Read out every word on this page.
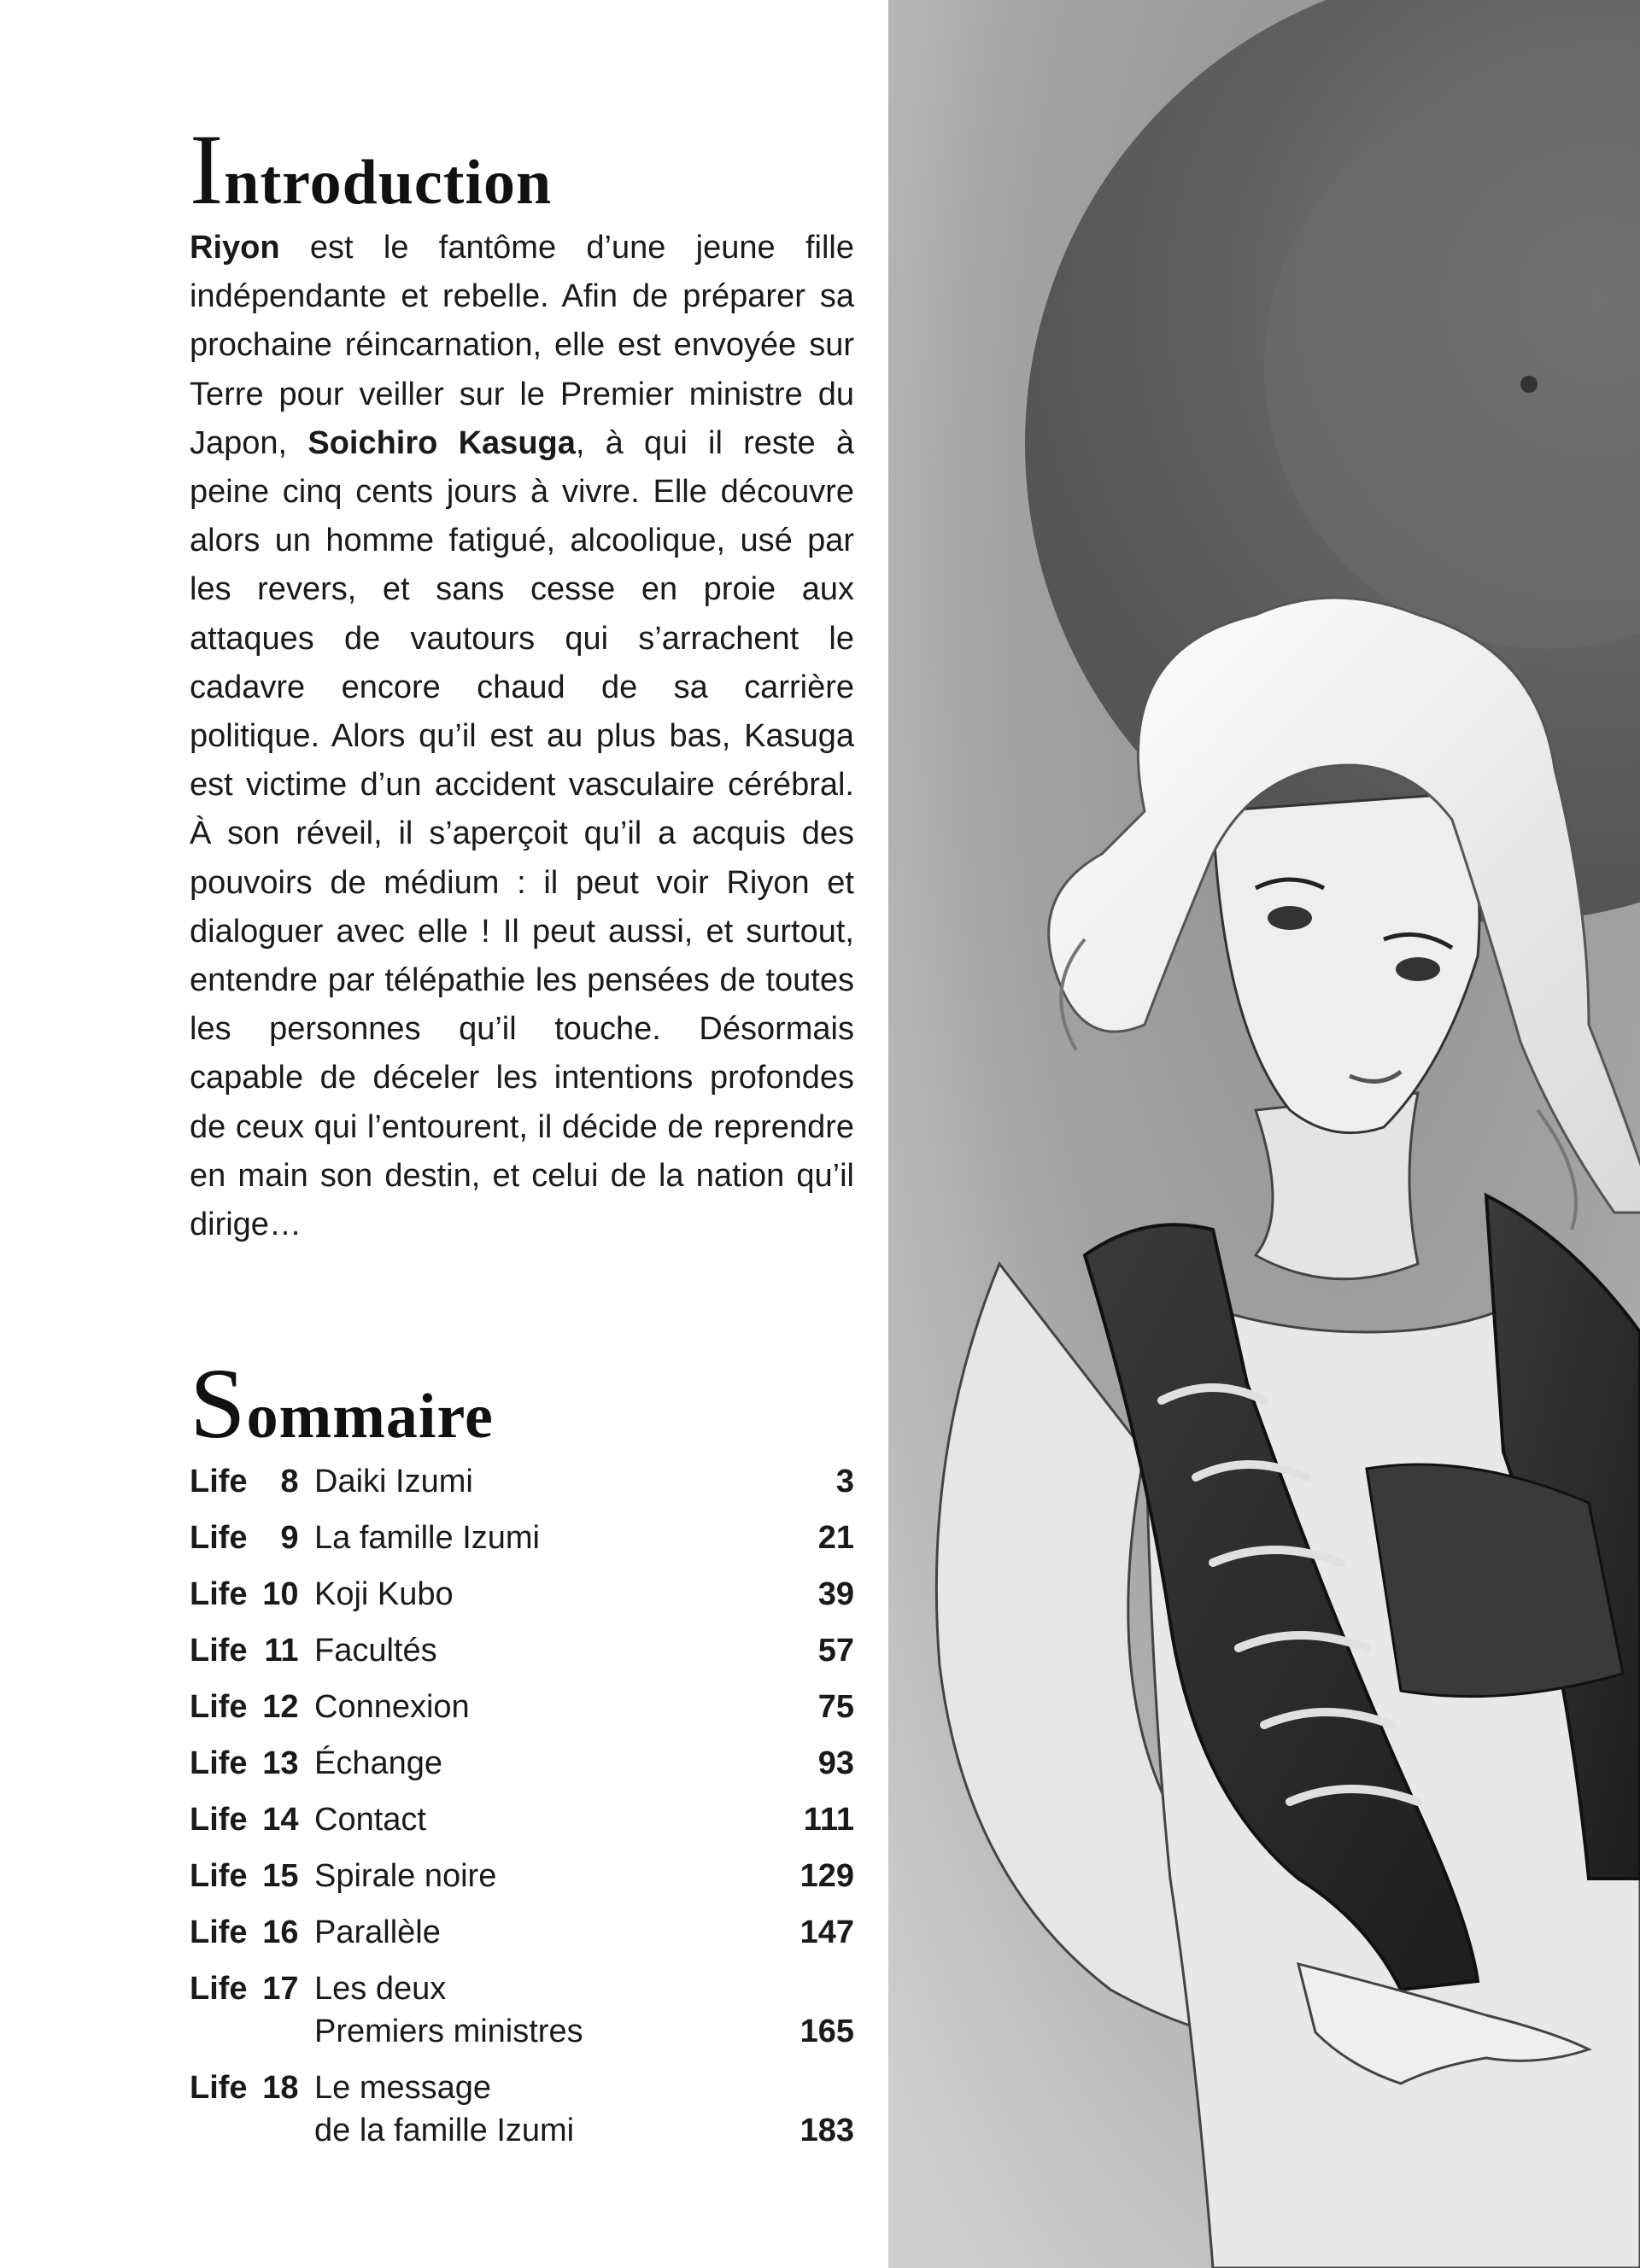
Introduction

Riyon est le fantôme d’une jeune fille indépendante et rebelle. Afin de préparer sa prochaine réincarnation, elle est envoyée sur Terre pour veiller sur le Premier ministre du Japon, Soichiro Kasuga, à qui il reste à peine cinq cents jours à vivre. Elle découvre alors un homme fatigué, alcoolique, usé par les revers, et sans cesse en proie aux attaques de vautours qui s’arrachent le cadavre encore chaud de sa carrière politique. Alors qu’il est au plus bas, Kasuga est victime d’un accident vasculaire cérébral. À son réveil, il s’aperçoit qu’il a acquis des pouvoirs de médium : il peut voir Riyon et dialoguer avec elle ! Il peut aussi, et surtout, entendre par télépathie les pensées de toutes les personnes qu’il touche. Désormais capable de déceler les intentions profondes de ceux qui l’entourent, il décide de reprendre en main son destin, et celui de la nation qu’il dirige…

Sommaire
Life 8 Daiki Izumi	3
Life 9 La famille Izumi	21
Life 10 Koji Kubo	39
Life 11 Facultés	57
Life 12 Connexion	75
Life 13 Échange	93
Life 14 Contact	111
Life 15 Spirale noire	129
Life 16 Parallèle	147
Life 17 Les deux
Premiers ministres	165
Life 18 Le message
de la famille Izumi	183
